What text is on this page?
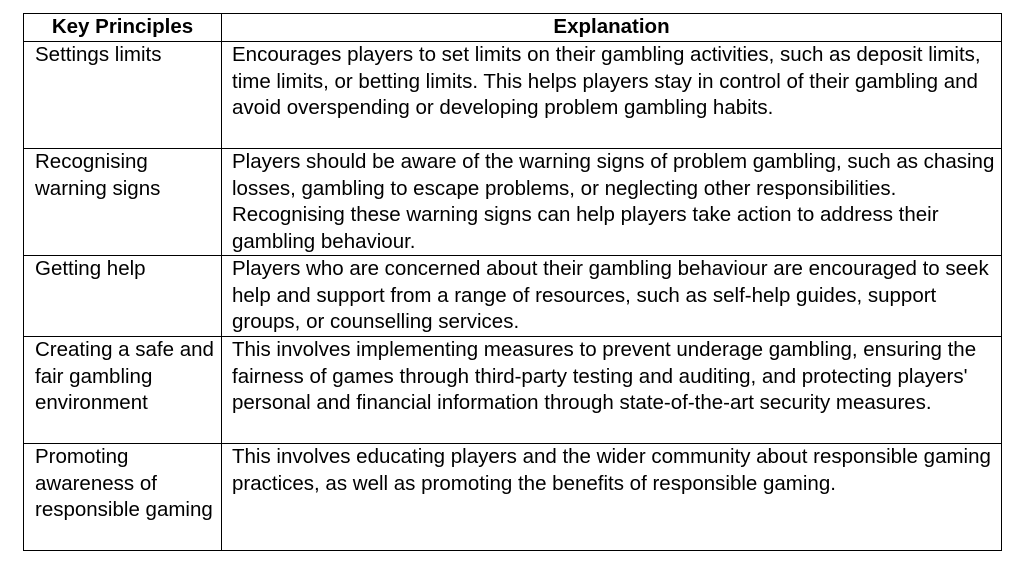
Key Principles	Explanation
Settings limits	Encourages players to set limits on their gambling activities, such as deposit limits, time limits, or betting limits. This helps players stay in control of their gambling and avoid overspending or developing problem gambling habits.
Recognising warning signs	Players should be aware of the warning signs of problem gambling, such as chasing losses, gambling to escape problems, or neglecting other responsibilities. Recognising these warning signs can help players take action to address their gambling behaviour.
Getting help	Players who are concerned about their gambling behaviour are encouraged to seek help and support from a range of resources, such as self-help guides, support groups, or counselling services.
Creating a safe and fair gambling environment	This involves implementing measures to prevent underage gambling, ensuring the fairness of games through third-party testing and auditing, and protecting players' personal and financial information through state-of-the-art security measures.
Promoting awareness of responsible gaming	This involves educating players and the wider community about responsible gaming practices, as well as promoting the benefits of responsible gaming.
